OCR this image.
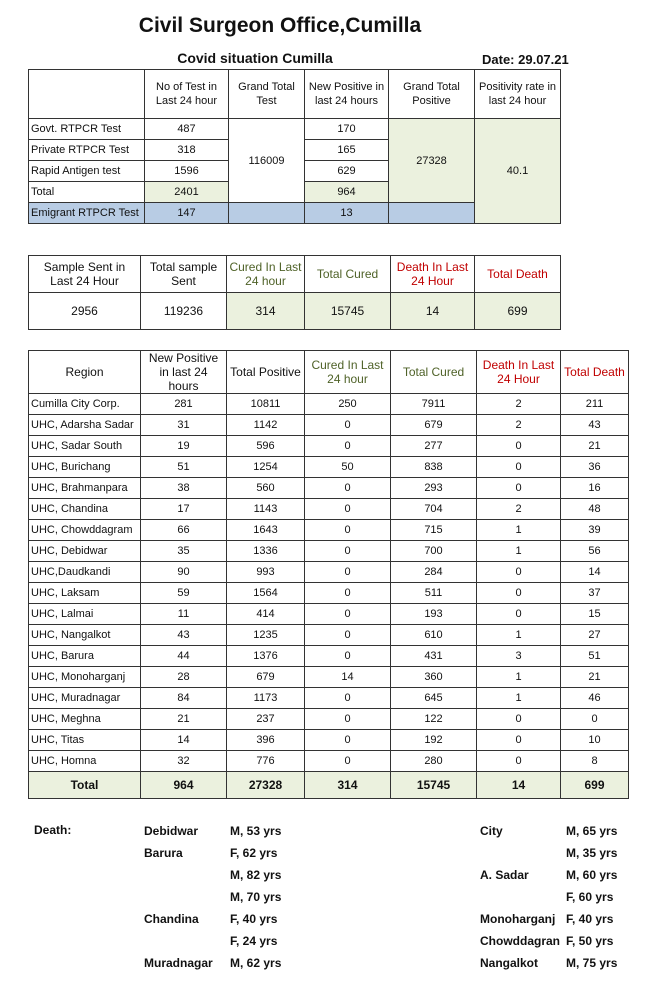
Civil Surgeon Office,Cumilla
Covid situation Cumilla	Date: 29.07.21
	No of Test in Last 24 hour	Grand Total Test	New Positive in last 24 hours	Grand Total Positive	Positivity rate in last 24 hour
Govt. RTPCR Test	487	116009	170	27328	40.1
Private RTPCR Test	318		165		
Rapid Antigen test	1596		629		
Total	2401		964		
Emigrant RTPCR Test	147		13		
Sample Sent in Last 24 Hour	Total sample Sent	Cured In Last 24 hour	Total Cured	Death In Last 24 Hour	Total Death
2956	119236	314	15745	14	699
Region	New Positive in last 24 hours	Total Positive	Cured In Last 24 hour	Total Cured	Death In Last 24 Hour	Total Death
Cumilla City Corp.	281	10811	250	7911	2	211
UHC, Adarsha Sadar	31	1142	0	679	2	43
UHC, Sadar South	19	596	0	277	0	21
UHC, Burichang	51	1254	50	838	0	36
UHC, Brahmanpara	38	560	0	293	0	16
UHC, Chandina	17	1143	0	704	2	48
UHC, Chowddagram	66	1643	0	715	1	39
UHC, Debidwar	35	1336	0	700	1	56
UHC,Daudkandi	90	993	0	284	0	14
UHC, Laksam	59	1564	0	511	0	37
UHC, Lalmai	11	414	0	193	0	15
UHC, Nangalkot	43	1235	0	610	1	27
UHC, Barura	44	1376	0	431	3	51
UHC, Monoharganj	28	679	14	360	1	21
UHC, Muradnagar	84	1173	0	645	1	46
UHC, Meghna	21	237	0	122	0	0
UHC, Titas	14	396	0	192	0	10
UHC, Homna	32	776	0	280	0	8
Total	964	27328	314	15745	14	699
Death:	Debidwar	M, 53 yrs
Barura	F, 62 yrs
M, 82 yrs
M, 70 yrs
Chandina	F, 40 yrs
F, 24 yrs
Muradnagar M, 62 yrs
City	M, 65 yrs
M, 35 yrs
A. Sadar	M, 60 yrs
F, 60 yrs
Monoharganj F, 40 yrs
Chowddagran F, 50 yrs
Nangalkot M, 75 yrs
